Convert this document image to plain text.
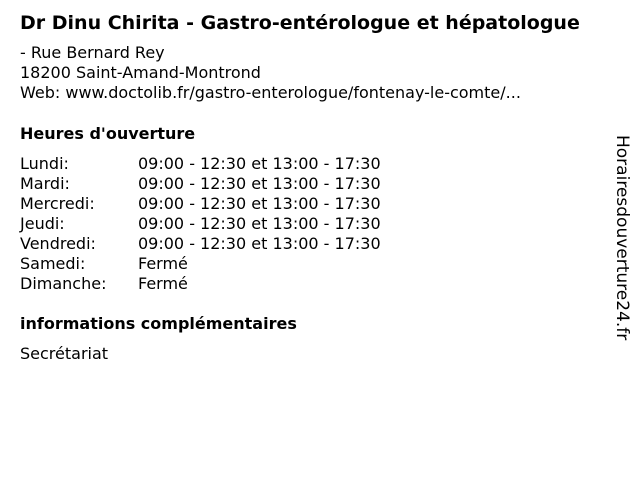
Dr Dinu Chirita - Gastro-entérologue et hépatologue
- Rue Bernard Rey
18200 Saint-Amand-Montrond
Web: www.doctolib.fr/gastro-enterologue/fontenay-le-comte/...
Heures d'ouverture
Lundi:	09:00 - 12:30 et 13:00 - 17:30
Mardi:	09:00 - 12:30 et 13:00 - 17:30
Mercredi:	09:00 - 12:30 et 13:00 - 17:30
Jeudi:	09:00 - 12:30 et 13:00 - 17:30
Vendredi:	09:00 - 12:30 et 13:00 - 17:30
Samedi:	Fermé
Dimanche:	Fermé
informations complémentaires
Secrétariat
Horairesdouverture24.fr
